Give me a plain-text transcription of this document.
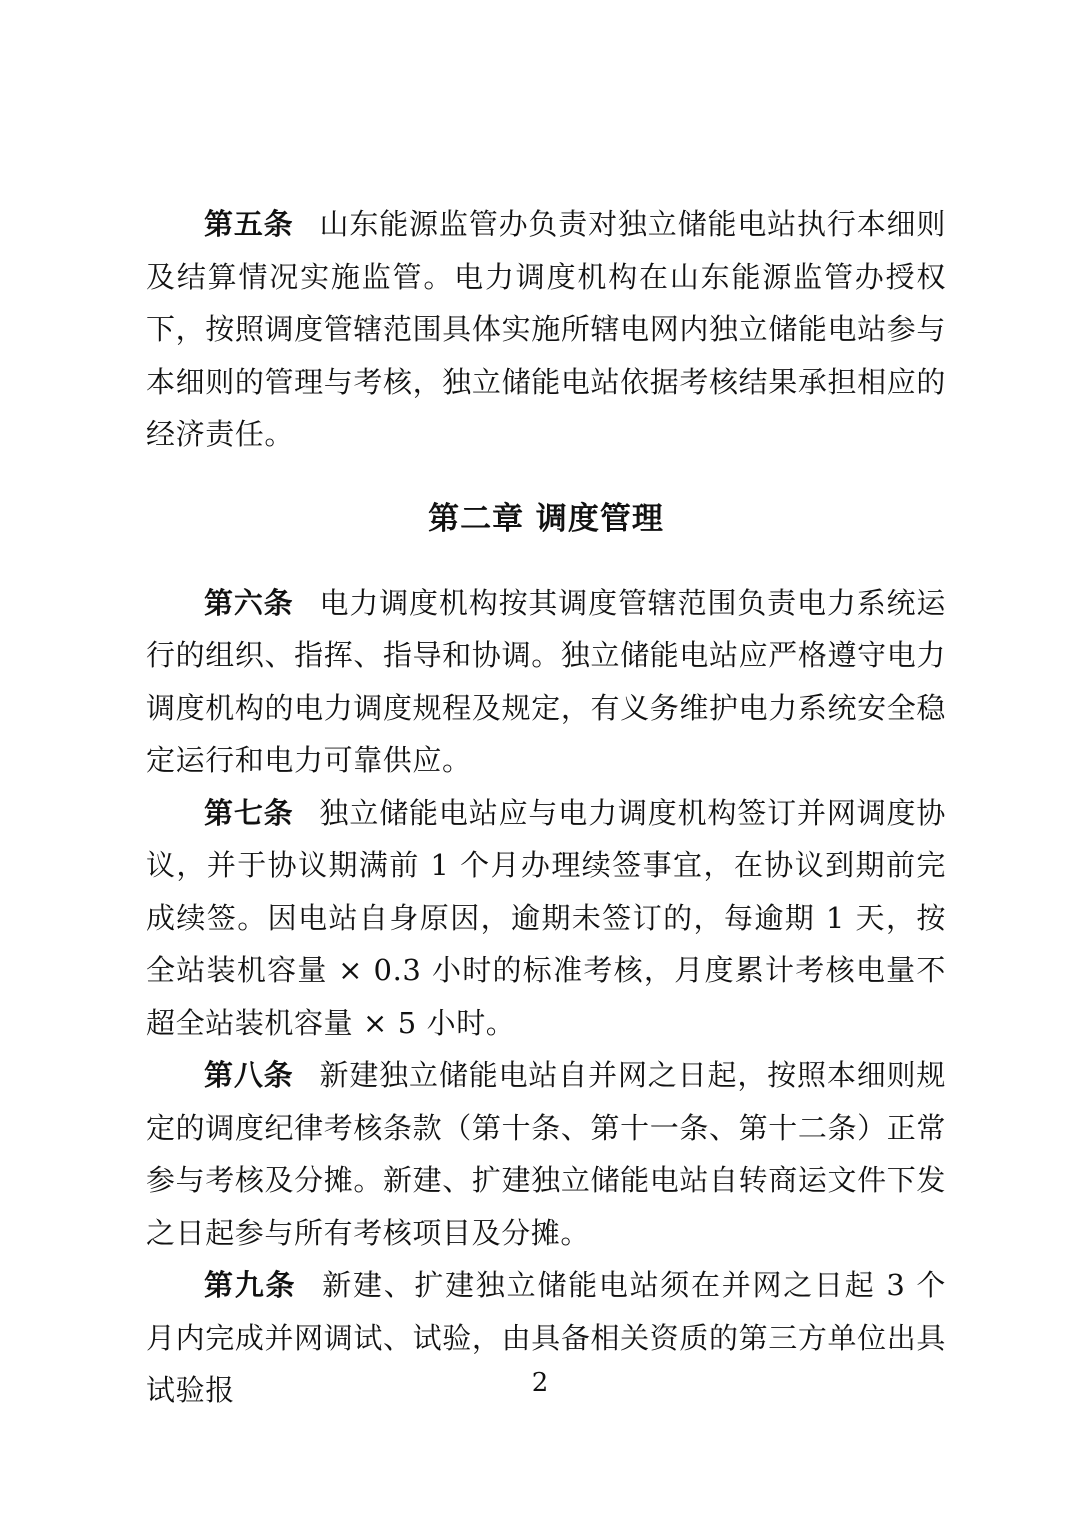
第五条 山东能源监管办负责对独立储能电站执行本细则及结算情况实施监管。电力调度机构在山东能源监管办授权下，按照调度管辖范围具体实施所辖电网内独立储能电站参与本细则的管理与考核，独立储能电站依据考核结果承担相应的经济责任。

第二章 调度管理

第六条 电力调度机构按其调度管辖范围负责电力系统运行的组织、指挥、指导和协调。独立储能电站应严格遵守电力调度机构的电力调度规程及规定，有义务维护电力系统安全稳定运行和电力可靠供应。

第七条 独立储能电站应与电力调度机构签订并网调度协议，并于协议期满前 1 个月办理续签事宜，在协议到期前完成续签。因电站自身原因，逾期未签订的，每逾期 1 天，按全站装机容量 × 0.3 小时的标准考核，月度累计考核电量不超全站装机容量 × 5 小时。

第八条 新建独立储能电站自并网之日起，按照本细则规定的调度纪律考核条款（第十条、第十一条、第十二条）正常参与考核及分摊。新建、扩建独立储能电站自转商运文件下发之日起参与所有考核项目及分摊。

第九条 新建、扩建独立储能电站须在并网之日起 3 个月内完成并网调试、试验，由具备相关资质的第三方单位出具试验报	2
